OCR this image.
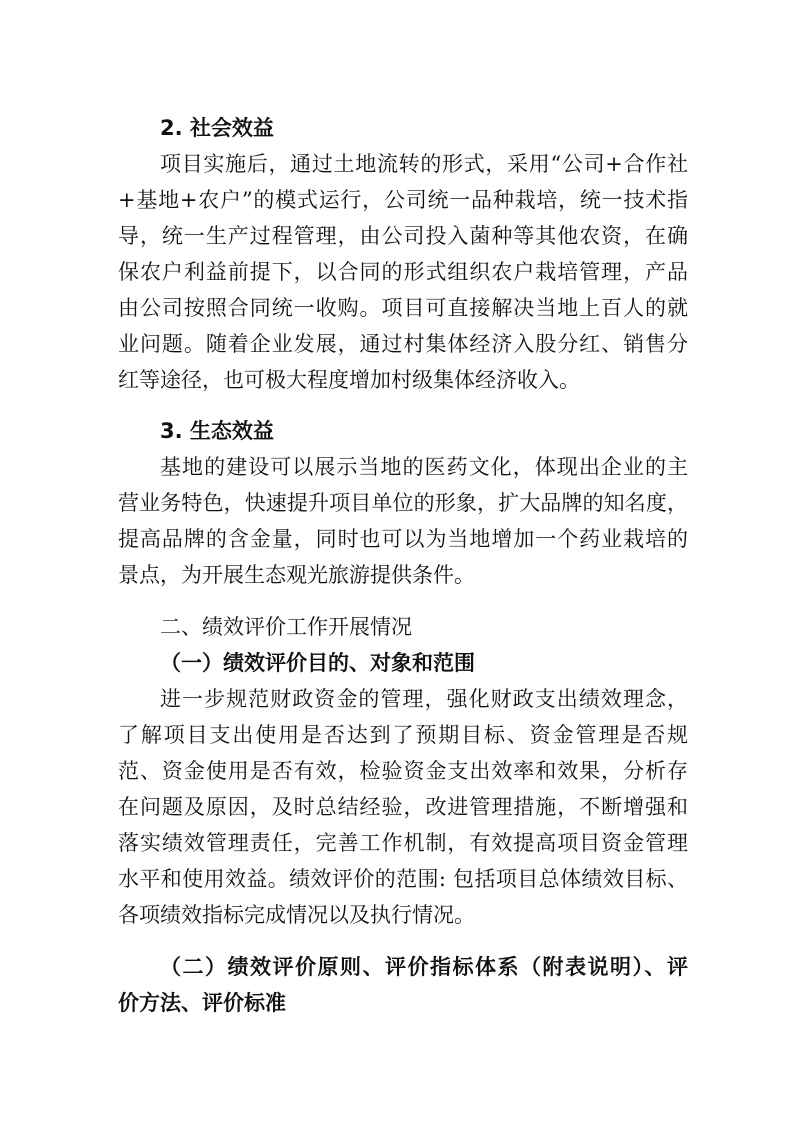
2. 社会效益
项目实施后，通过土地流转的形式，采用“公司+合作社
+基地+农户”的模式运行，公司统一品种栽培，统一技术指
导，统一生产过程管理，由公司投入菌种等其他农资，在确
保农户利益前提下，以合同的形式组织农户栽培管理，产品
由公司按照合同统一收购。项目可直接解决当地上百人的就
业问题。随着企业发展，通过村集体经济入股分红、销售分
红等途径，也可极大程度增加村级集体经济收入。
3. 生态效益
基地的建设可以展示当地的医药文化，体现出企业的主
营业务特色，快速提升项目单位的形象，扩大品牌的知名度，
提高品牌的含金量，同时也可以为当地增加一个药业栽培的
景点，为开展生态观光旅游提供条件。
二、绩效评价工作开展情况
（一）绩效评价目的、对象和范围
进一步规范财政资金的管理，强化财政支出绩效理念，
了解项目支出使用是否达到了预期目标、资金管理是否规
范、资金使用是否有效，检验资金支出效率和效果，分析存
在问题及原因，及时总结经验，改进管理措施，不断增强和
落实绩效管理责任，完善工作机制，有效提高项目资金管理
水平和使用效益。绩效评价的范围: 包括项目总体绩效目标、
各项绩效指标完成情况以及执行情况。
（二）绩效评价原则、评价指标体系（附表说明）、评
价方法、评价标准
